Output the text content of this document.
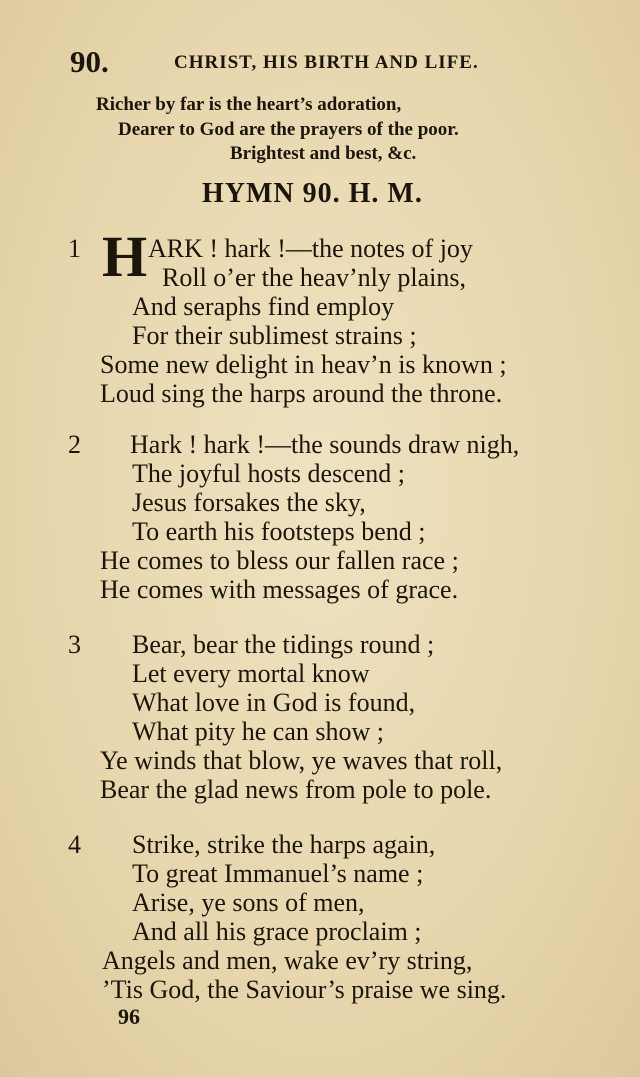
90.	CHRIST, HIS BIRTH AND LIFE.
Richer by far is the heart’s adoration,
Dearer to God are the prayers of the poor.
Brightest and best, &c.
HYMN 90. H. M.
1 H ARK ! hark !—the notes of joy
Roll o’er the heav’nly plains,
And seraphs find employ
For their sublimest strains ;
Some new delight in heav’n is known ;
Loud sing the harps around the throne.
2 Hark ! hark !—the sounds draw nigh,
The joyful hosts descend ;
Jesus forsakes the sky,
To earth his footsteps bend ;
He comes to bless our fallen race ;
He comes with messages of grace.
3 Bear, bear the tidings round ;
Let every mortal know
What love in God is found,
What pity he can show ;
Ye winds that blow, ye waves that roll,
Bear the glad news from pole to pole.
4 Strike, strike the harps again,
To great Immanuel’s name ;
Arise, ye sons of men,
And all his grace proclaim ;
Angels and men, wake ev’ry string,
’Tis God, the Saviour’s praise we sing.
96
